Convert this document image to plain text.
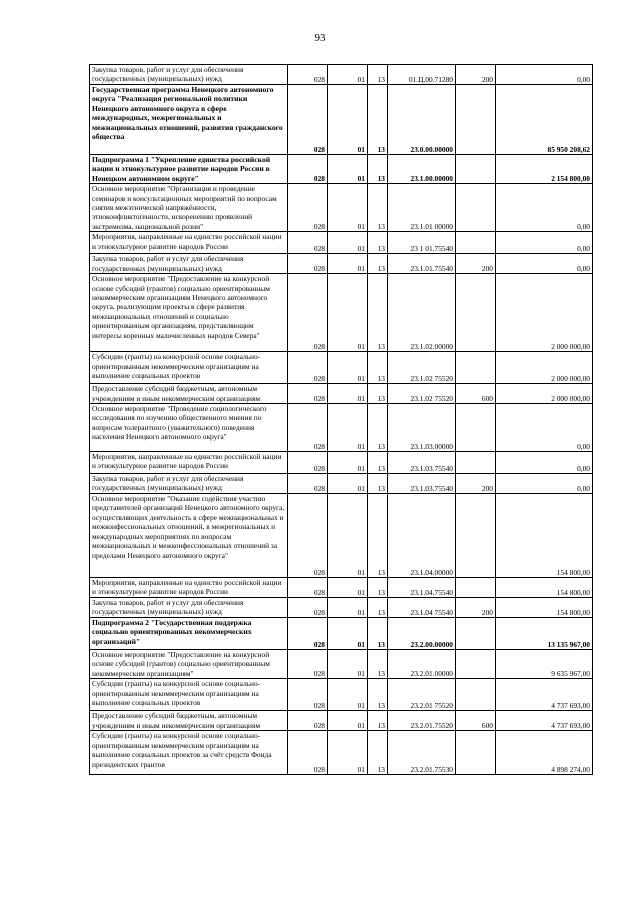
93
Закупка товаров, работ и услуг для обеспечения государственных (муниципальных) нужд	028	01	13	01.Ц.00.71280	200	0,00
Государственная программа Ненецкого автономного округа "Реализация региональной политики Ненецкого автономного округа в сфере международных, межрегиональных и межнациональных отношений, развития гражданского общества	028	01	13	23.0.00.00000		85 950 208,62
Подпрограмма 1 "Укрепление единства российской нации и этнокультурное развитие народов России в Ненецком автономном округе"	028	01	13	23.1.00.00000		2 154 800,00
Основное мероприятие "Организация и проведение семинаров и консультационных мероприятий по вопросам снятия межэтнической напряжённости, этноконфликтогенности, искоренению проявлений экстремизма, национальной розни"	028	01	13	23.1.01 00000		0,00
Мероприятия, направленные на единство российской нации и этнокультурное развитие народов России	028	01	13	23 1 01.75540		0,00
Закупка товаров, работ и услуг для обеспечения государственных (муниципальных) нужд	028	01	13	23.1.01.75540	200	0,00
Основное мероприятие "Предоставление на конкурсной основе субсидий (грантов) социально ориентированным некоммерческим организациям Ненецкого автономного округа, реализующим проекты в сфере развития межнациональных отношений и социально ориентированным организациям, представляющим интересы коренных малочисленных народов Севера"	028	01	13	23.1.02.00000		2 000 000,00
Субсидии (гранты) на конкурсной основе социально-ориентированным некоммерческим организациям на выполнение социальных проектов	028	01	13	23.1.02 75520		2 000 000,00
Предоставление субсидий бюджетным, автономным учреждениям и иным некоммерческим организациям	028	01	13	23.1.02 75520	600	2 000 000,00
Основное мероприятие "Проведение социологического исследования по изучению общественного мнения по вопросам толерантного (уважительного) поведения населения Ненецкого автономного округа"	028	01	13	23.1.03.00000		0,00
Мероприятия, направленные на единство российской нации и этнокультурное развитие народов России	028	01	13	23.1.03.75540		0,00
Закупка товаров, работ и услуг для обеспечения государственных (муниципальных) нужд	028	01	13	23.1.03.75540	200	0,00
Основное мероприятие "Оказание содействия участию представителей организаций Ненецкого автономного округа, осуществляющих деятельность в сфере межнациональных и межконфессиональных отношений, в межрегиональных и международных мероприятиях по вопросам межнациональных и межконфессиональных отношений за пределами Ненецкого автономного округа"	028	01	13	23.1.04.00000		154 800,00
Мероприятия, направленные на единство российской нации и этнокультурное развитие народов России	028	01	13	23.1.04.75540		154 800,00
Закупка товаров, работ и услуг для обеспечения государственных (муниципальных) нужд	028	01	13	23.1.04 75540	200	154 800,00
Подпрограмма 2 "Государственная поддержка социально ориентированных некоммерческих организаций"	028	01	13	23.2.00.00000		13 135 967,00
Основное мероприятие "Предоставление на конкурсной основе субсидий (грантов) социально ориентированным некоммерческим организациям"	028	01	13	23.2.01.00000		9 635 967,00
Субсидии (гранты) на конкурсной основе социально-ориентированным некоммерческим организациям на выполнение социальных проектов	028	01	13	23.2.01 75520		4 737 693,00
Предоставление субсидий бюджетным, автономным учреждениям и иным некоммерческим организациям	028	01	13	23.2.01.75520	600	4 737 693,00
Субсидии (гранты) на конкурсной основе социально-ориентированным некоммерческим организациям на выполнение социальных проектов за счёт средств Фонда президентских грантов	028	01	13	23.2.01.75530		4 898 274,00
